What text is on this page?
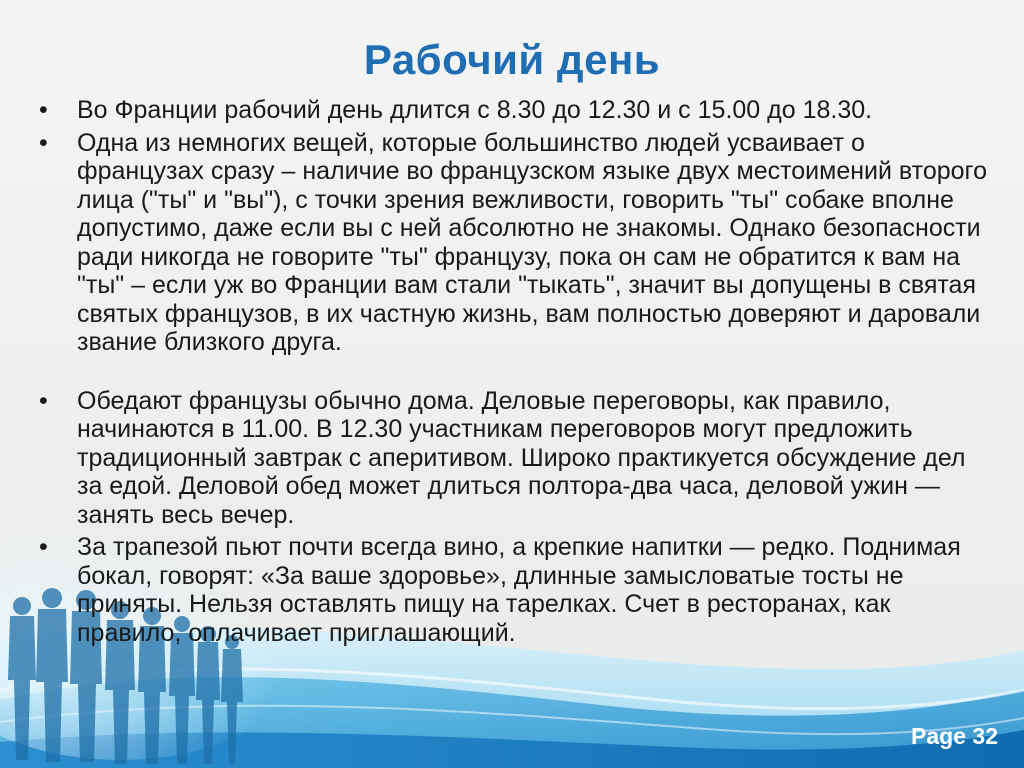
Рабочий день
•	Во Франции рабочий день длится с 8.30 до 12.30 и с 15.00 до 18.30.
•	Одна из немногих вещей, которые большинство людей усваивает о французах сразу – наличие во французском языке двух местоимений второго лица ("ты" и "вы"), с точки зрения вежливости, говорить "ты" собаке вполне допустимо, даже если вы с ней абсолютно не знакомы. Однако безопасности ради никогда не говорите "ты" французу, пока он сам не обратится к вам на "ты" – если уж во Франции вам стали "тыкать", значит вы допущены в святая святых французов, в их частную жизнь, вам полностью доверяют и даровали звание близкого друга.
•	Обедают французы обычно дома. Деловые переговоры, как правило, начинаются в 11.00. В 12.30 участникам переговоров могут предложить традиционный завтрак с аперитивом. Широко практикуется обсуждение дел за едой. Деловой обед может длиться полтора-два часа, деловой ужин — занять весь вечер.
•	За трапезой пьют почти всегда вино, а крепкие напитки — редко. Поднимая бокал, говорят: «За ваше здоровье», длинные замысловатые тосты не приняты. Нельзя оставлять пищу на тарелках. Счет в ресторанах, как правило, оплачивает приглашающий.
Page 32
